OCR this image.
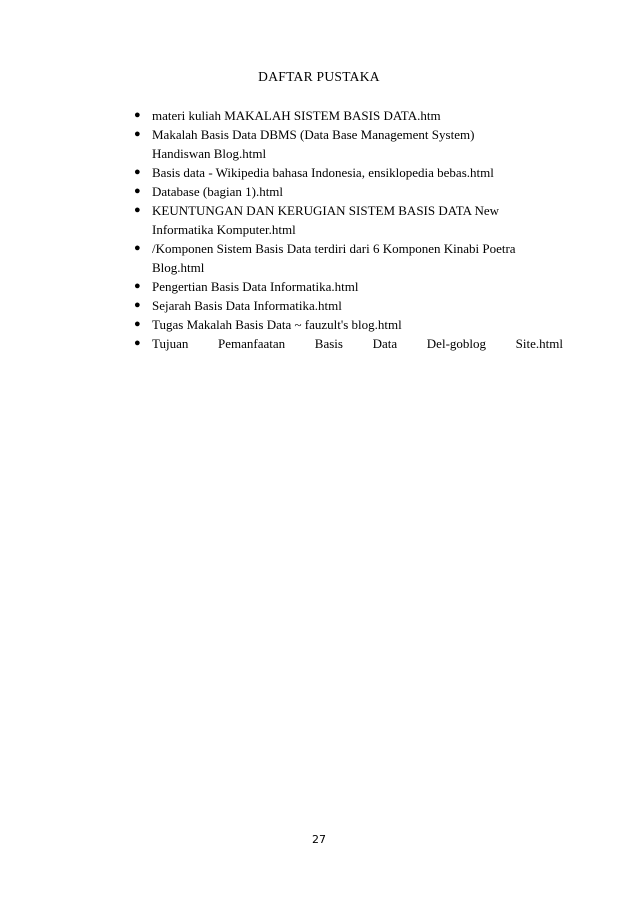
DAFTAR PUSTAKA
● materi kuliah MAKALAH SISTEM BASIS DATA.htm
● Makalah Basis Data DBMS (Data Base Management System)
Handiswan Blog.html
● Basis data - Wikipedia bahasa Indonesia, ensiklopedia bebas.html
● Database (bagian 1).html
● KEUNTUNGAN DAN KERUGIAN SISTEM BASIS DATA New
Informatika Komputer.html
● /Komponen Sistem Basis Data terdiri dari 6 Komponen Kinabi Poetra
Blog.html
● Pengertian Basis Data Informatika.html
● Sejarah Basis Data Informatika.html
● Tugas Makalah Basis Data ~ fauzult's blog.html
● Tujuan Pemanfaatan Basis Data Del-goblog Site.html
27
